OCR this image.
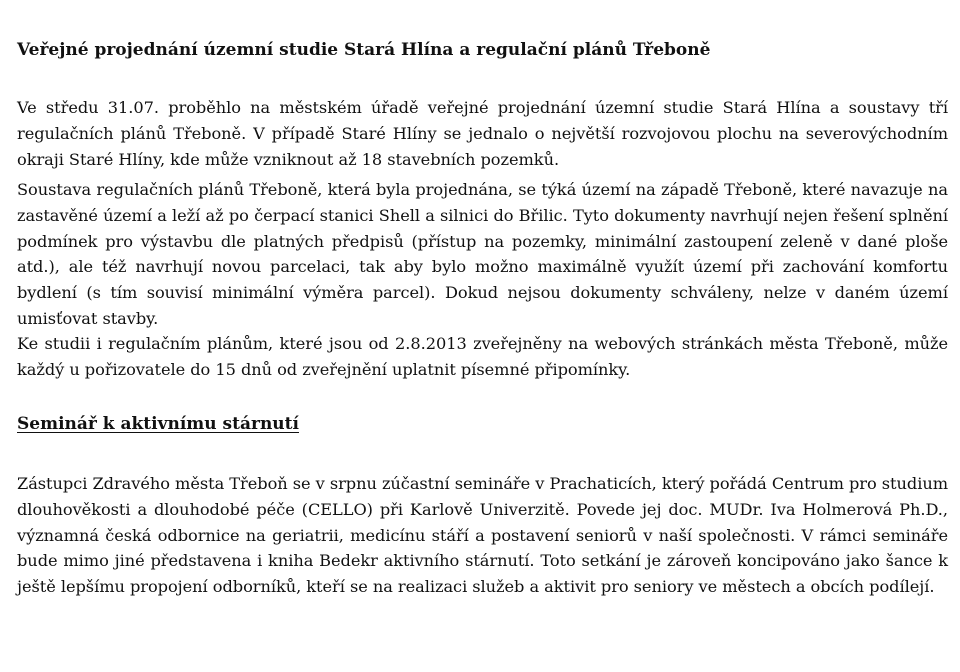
Veřejné projednání územní studie Stará Hlína a regulační plánů Třeboně

Ve středu 31.07. proběhlo na městském úřadě veřejné projednání územní studie Stará Hlína a soustavy tří regulačních plánů Třeboně. V případě Staré Hlíny se jednalo o největší rozvojovou plochu na severovýchodním okraji Staré Hlíny, kde může vzniknout až 18 stavebních pozemků.

Soustava regulačních plánů Třeboně, která byla projednána, se týká území na západě Třeboně, které navazuje na zastavěné území a leží až po čerpací stanici Shell a silnici do Břilic. Tyto dokumenty navrhují nejen řešení splnění podmínek pro výstavbu dle platných předpisů (přístup na pozemky, minimální zastoupení zeleně v dané ploše atd.), ale též navrhují novou parcelaci, tak aby bylo možno maximálně využít území při zachování komfortu bydlení (s tím souvisí minimální výměra parcel). Dokud nejsou dokumenty schváleny, nelze v daném území umisťovat stavby.

Ke studii i regulačním plánům, které jsou od 2.8.2013 zveřejněny na webových stránkách města Třeboně, může každý u pořizovatele do 15 dnů od zveřejnění uplatnit písemné připomínky.

Seminář k aktivnímu stárnutí

Zástupci Zdravého města Třeboň se v srpnu zúčastní semináře v Prachaticích, který pořádá Centrum pro studium dlouhověkosti a dlouhodobé péče (CELLO) při Karlově Univerzitě. Povede jej doc. MUDr. Iva Holmerová Ph.D., významná česká odbornice na geriatrii, medicínu stáří a postavení seniorů v naší společnosti. V rámci semináře bude mimo jiné představena i kniha Bedekr aktivního stárnutí. Toto setkání je zároveň koncipováno jako šance k ještě lepšímu propojení odborníků, kteří se na realizaci služeb a aktivit pro seniory ve městech a obcích podílejí.
